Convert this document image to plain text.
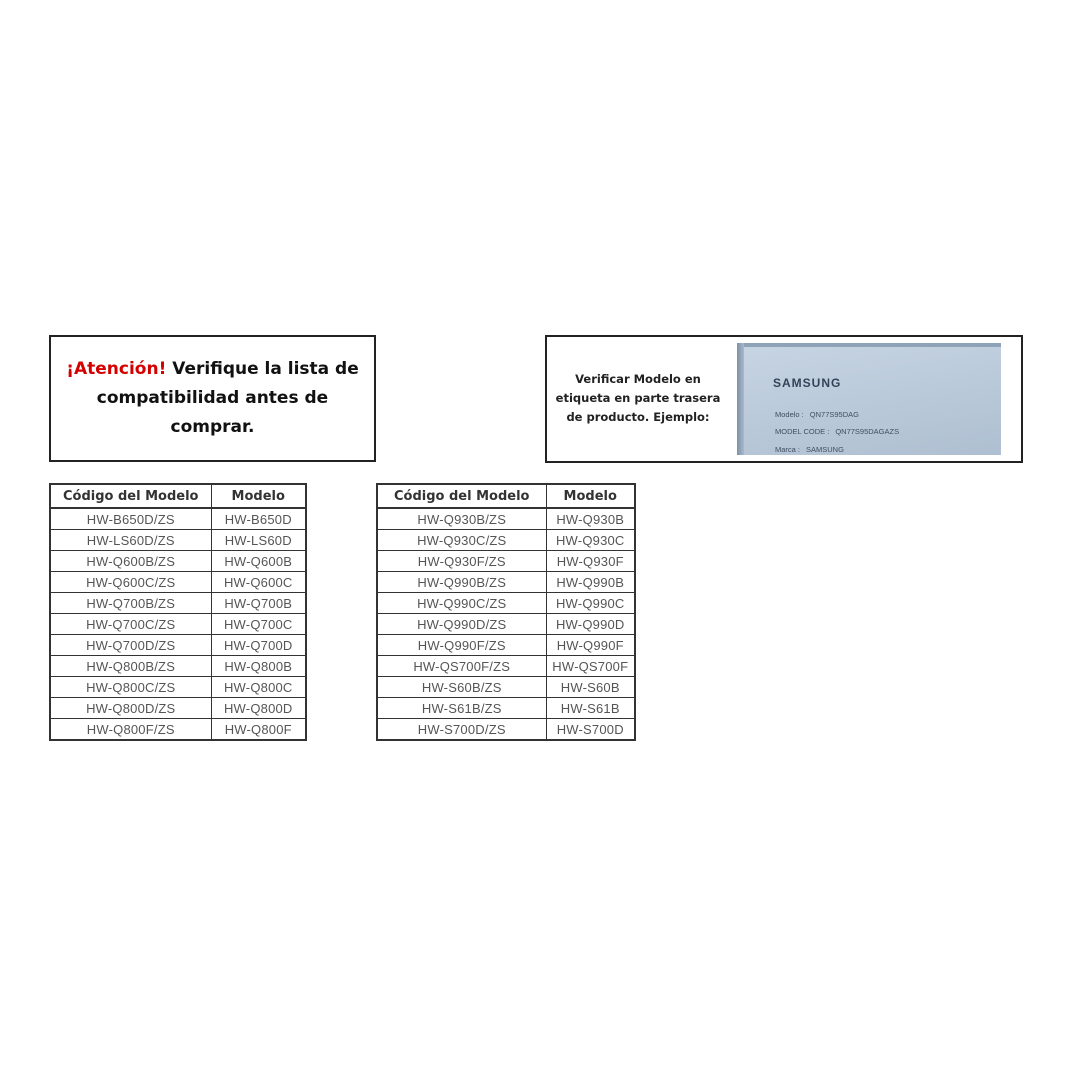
¡Atención! Verifique la lista de
compatibilidad antes de comprar.
Verificar Modelo en
etiqueta en parte trasera
de producto. Ejemplo:
SAMSUNG
Modelo : QN77S95DAG
MODEL CODE : QN77S95DAGAZS
Marca : SAMSUNG
Código del Modelo	Modelo
HW-B650D/ZS	HW-B650D
HW-LS60D/ZS	HW-LS60D
HW-Q600B/ZS	HW-Q600B
HW-Q600C/ZS	HW-Q600C
HW-Q700B/ZS	HW-Q700B
HW-Q700C/ZS	HW-Q700C
HW-Q700D/ZS	HW-Q700D
HW-Q800B/ZS	HW-Q800B
HW-Q800C/ZS	HW-Q800C
HW-Q800D/ZS	HW-Q800D
HW-Q800F/ZS	HW-Q800F
Código del Modelo	Modelo
HW-Q930B/ZS	HW-Q930B
HW-Q930C/ZS	HW-Q930C
HW-Q930F/ZS	HW-Q930F
HW-Q990B/ZS	HW-Q990B
HW-Q990C/ZS	HW-Q990C
HW-Q990D/ZS	HW-Q990D
HW-Q990F/ZS	HW-Q990F
HW-QS700F/ZS	HW-QS700F
HW-S60B/ZS	HW-S60B
HW-S61B/ZS	HW-S61B
HW-S700D/ZS	HW-S700D
